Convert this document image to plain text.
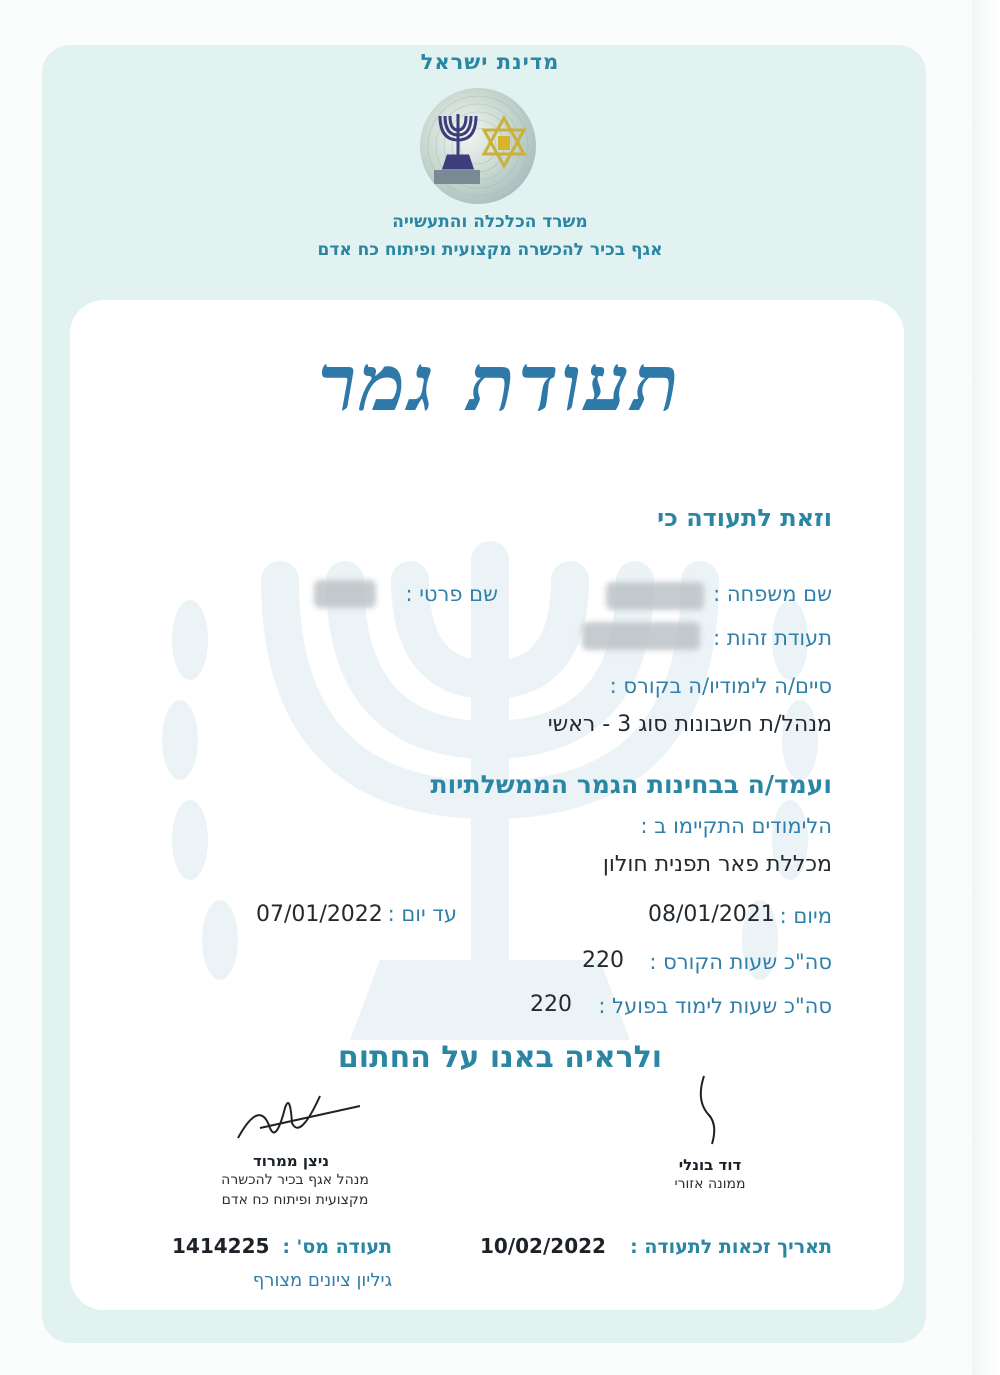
מדינת ישראל
משרד הכלכלה והתעשייה
אגף בכיר להכשרה מקצועית ופיתוח כח אדם
תעודת גמר
וזאת לתעודה כי
שם משפחה :
שם פרטי :
תעודת זהות :
סיים/ה לימודיו/ה בקורס :
מנהל/ת חשבונות סוג 3 - ראשי
ועמד/ה בבחינות הגמר הממשלתיות
הלימודים התקיימו ב :
מכללת פאר תפנית חולון
מיום :
08/01/2021
עד יום :
07/01/2022
סה"כ שעות הקורס :
220
סה"כ שעות לימוד בפועל :
220
ולראיה באנו על החתום
ניצן ממרוד
מנהל אגף בכיר להכשרה
מקצועית ופיתוח כח אדם
דוד בונלי
ממונה אזורי
תאריך זכאות לתעודה :
10/02/2022
תעודה מס' :
1414225
גיליון ציונים מצורף
